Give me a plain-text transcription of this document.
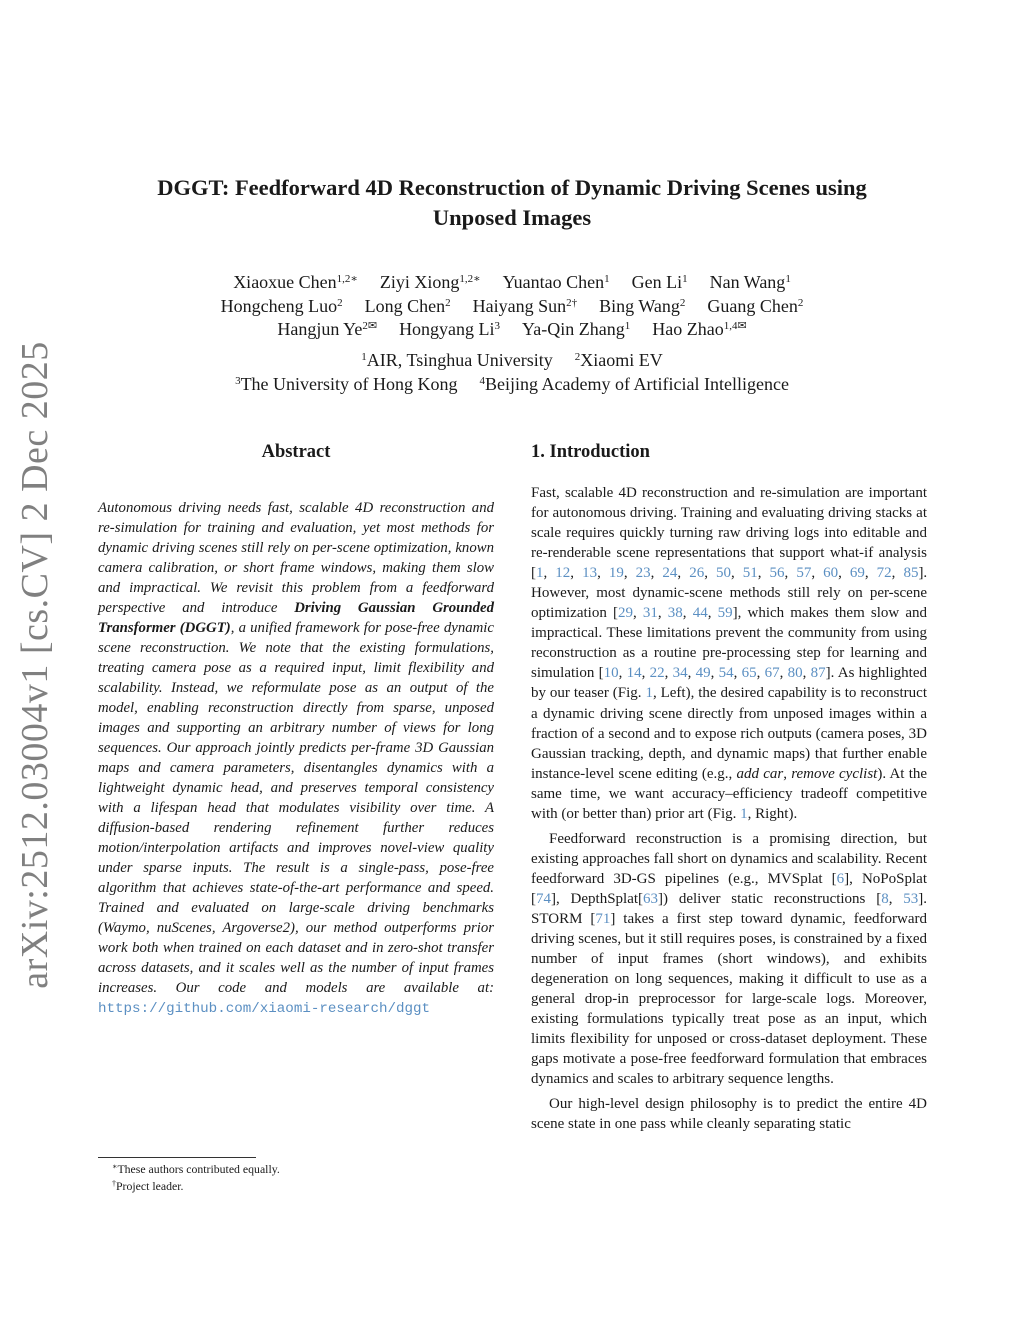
arXiv:2512.03004v1 [cs.CV] 2 Dec 2025
DGGT: Feedforward 4D Reconstruction of Dynamic Driving Scenes using
Unposed Images
Xiaoxue Chen$^{1,2∗}$ Ziyi Xiong$^{1,2∗}$ Yuantao Chen$^1$ Gen Li$^1$ Nan Wang$^1$
Hongcheng Luo$^2$ Long Chen$^2$ Haiyang Sun$^{2\dagger}$ Bing Wang$^2$ Guang Chen$^2$
Hangjun $Ye^{2✉}$ Hongyang Li$^3$ Ya-Qin Zhang$^1$ Hao Zhao$^{1,4✉}$
$^1$AIR, Tsinghua University $^2$Xiaomi EV
$^3$The University of Hong Kong $^4$Beijing Academy of Artificial Intelligence
Abstract
Autonomous driving needs fast, scalable 4D reconstruction and re-simulation for training and evaluation, yet most methods for dynamic driving scenes still rely on per-scene optimization, known camera calibration, or short frame windows, making them slow and impractical. We revisit this problem from a feedforward perspective and introduce Driving Gaussian Grounded Transformer (DGGT), a unified framework for pose-free dynamic scene reconstruction. We note that the existing formulations, treating camera pose as a required input, limit flexibility and scalability. Instead, we reformulate pose as an output of the model, enabling reconstruction directly from sparse, unposed images and supporting an arbitrary number of views for long sequences. Our approach jointly predicts per-frame 3D Gaussian maps and camera parameters, disentangles dynamics with a lightweight dynamic head, and preserves temporal consistency with a lifespan head that modulates visibility over time. A diffusion-based rendering refinement further reduces motion/interpolation artifacts and improves novel-view quality under sparse inputs. The result is a single-pass, pose-free algorithm that achieves state-of-the-art performance and speed. Trained and evaluated on large-scale driving benchmarks (Waymo, nuScenes, Argoverse2), our method outperforms prior work both when trained on each dataset and in zero-shot transfer across datasets, and it scales well as the number of input frames increases. Our code and models are available at: https://github.com/xiaomi-research/dggt
∗These authors contributed equally.
†Project leader.
1. Introduction

Fast, scalable 4D reconstruction and re-simulation are important for autonomous driving. Training and evaluating driving stacks at scale requires quickly turning raw driving logs into editable and re-renderable scene representations that support what-if analysis [1, 12, 13, 19, 23, 24, 26, 50, 51, 56, 57, 60, 69, 72, 85]. However, most dynamic-scene methods still rely on per-scene optimization [29, 31, 38, 44, 59], which makes them slow and impractical. These limitations prevent the community from using reconstruction as a routine pre-processing step for learning and simulation [10, 14, 22, 34, 49, 54, 65, 67, 80, 87]. As highlighted by our teaser (Fig. 1, Left), the desired capability is to reconstruct a dynamic driving scene directly from unposed images within a fraction of a second and to expose rich outputs (camera poses, 3D Gaussian tracking, depth, and dynamic maps) that further enable instance-level scene editing (e.g., add car, remove cyclist). At the same time, we want accuracy–efficiency tradeoff competitive with (or better than) prior art (Fig. 1, Right).

Feedforward reconstruction is a promising direction, but existing approaches fall short on dynamics and scalability. Recent feedforward 3D-GS pipelines (e.g., MVSplat [6], NoPoSplat [74], DepthSplat[63]) deliver static reconstructions [8, 53]. STORM [71] takes a first step toward dynamic, feedforward driving scenes, but it still requires poses, is constrained by a fixed number of input frames (short windows), and exhibits degeneration on long sequences, making it difficult to use as a general drop-in preprocessor for large-scale logs. Moreover, existing formulations typically treat pose as an input, which limits flexibility for unposed or cross-dataset deployment. These gaps motivate a pose-free feedforward formulation that embraces dynamics and scales to arbitrary sequence lengths.

Our high-level design philosophy is to predict the entire 4D scene state in one pass while cleanly separating static
